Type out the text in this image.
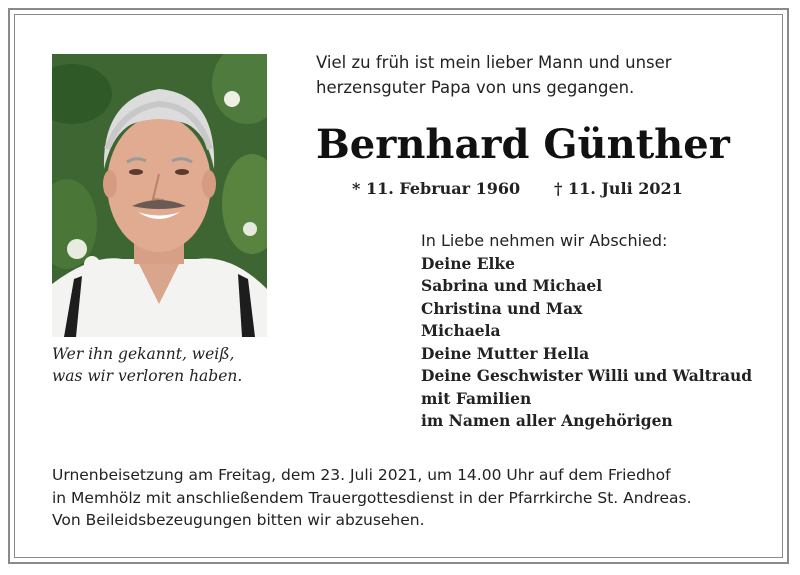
Wer ihn gekannt, weiß,
was wir verloren haben.
Viel zu früh ist mein lieber Mann und unser
herzensguter Papa von uns gegangen.
Bernhard Günther
* 11. Februar 1960 † 11. Juli 2021
In Liebe nehmen wir Abschied:
Deine Elke
Sabrina und Michael
Christina und Max
Michaela
Deine Mutter Hella
Deine Geschwister Willi und Waltraud
mit Familien
im Namen aller Angehörigen
Urnenbeisetzung am Freitag, dem 23. Juli 2021, um 14.00 Uhr auf dem Friedhof
in Memhölz mit anschließendem Trauergottesdienst in der Pfarrkirche St. Andreas.
Von Beileidsbezeugungen bitten wir abzusehen.
